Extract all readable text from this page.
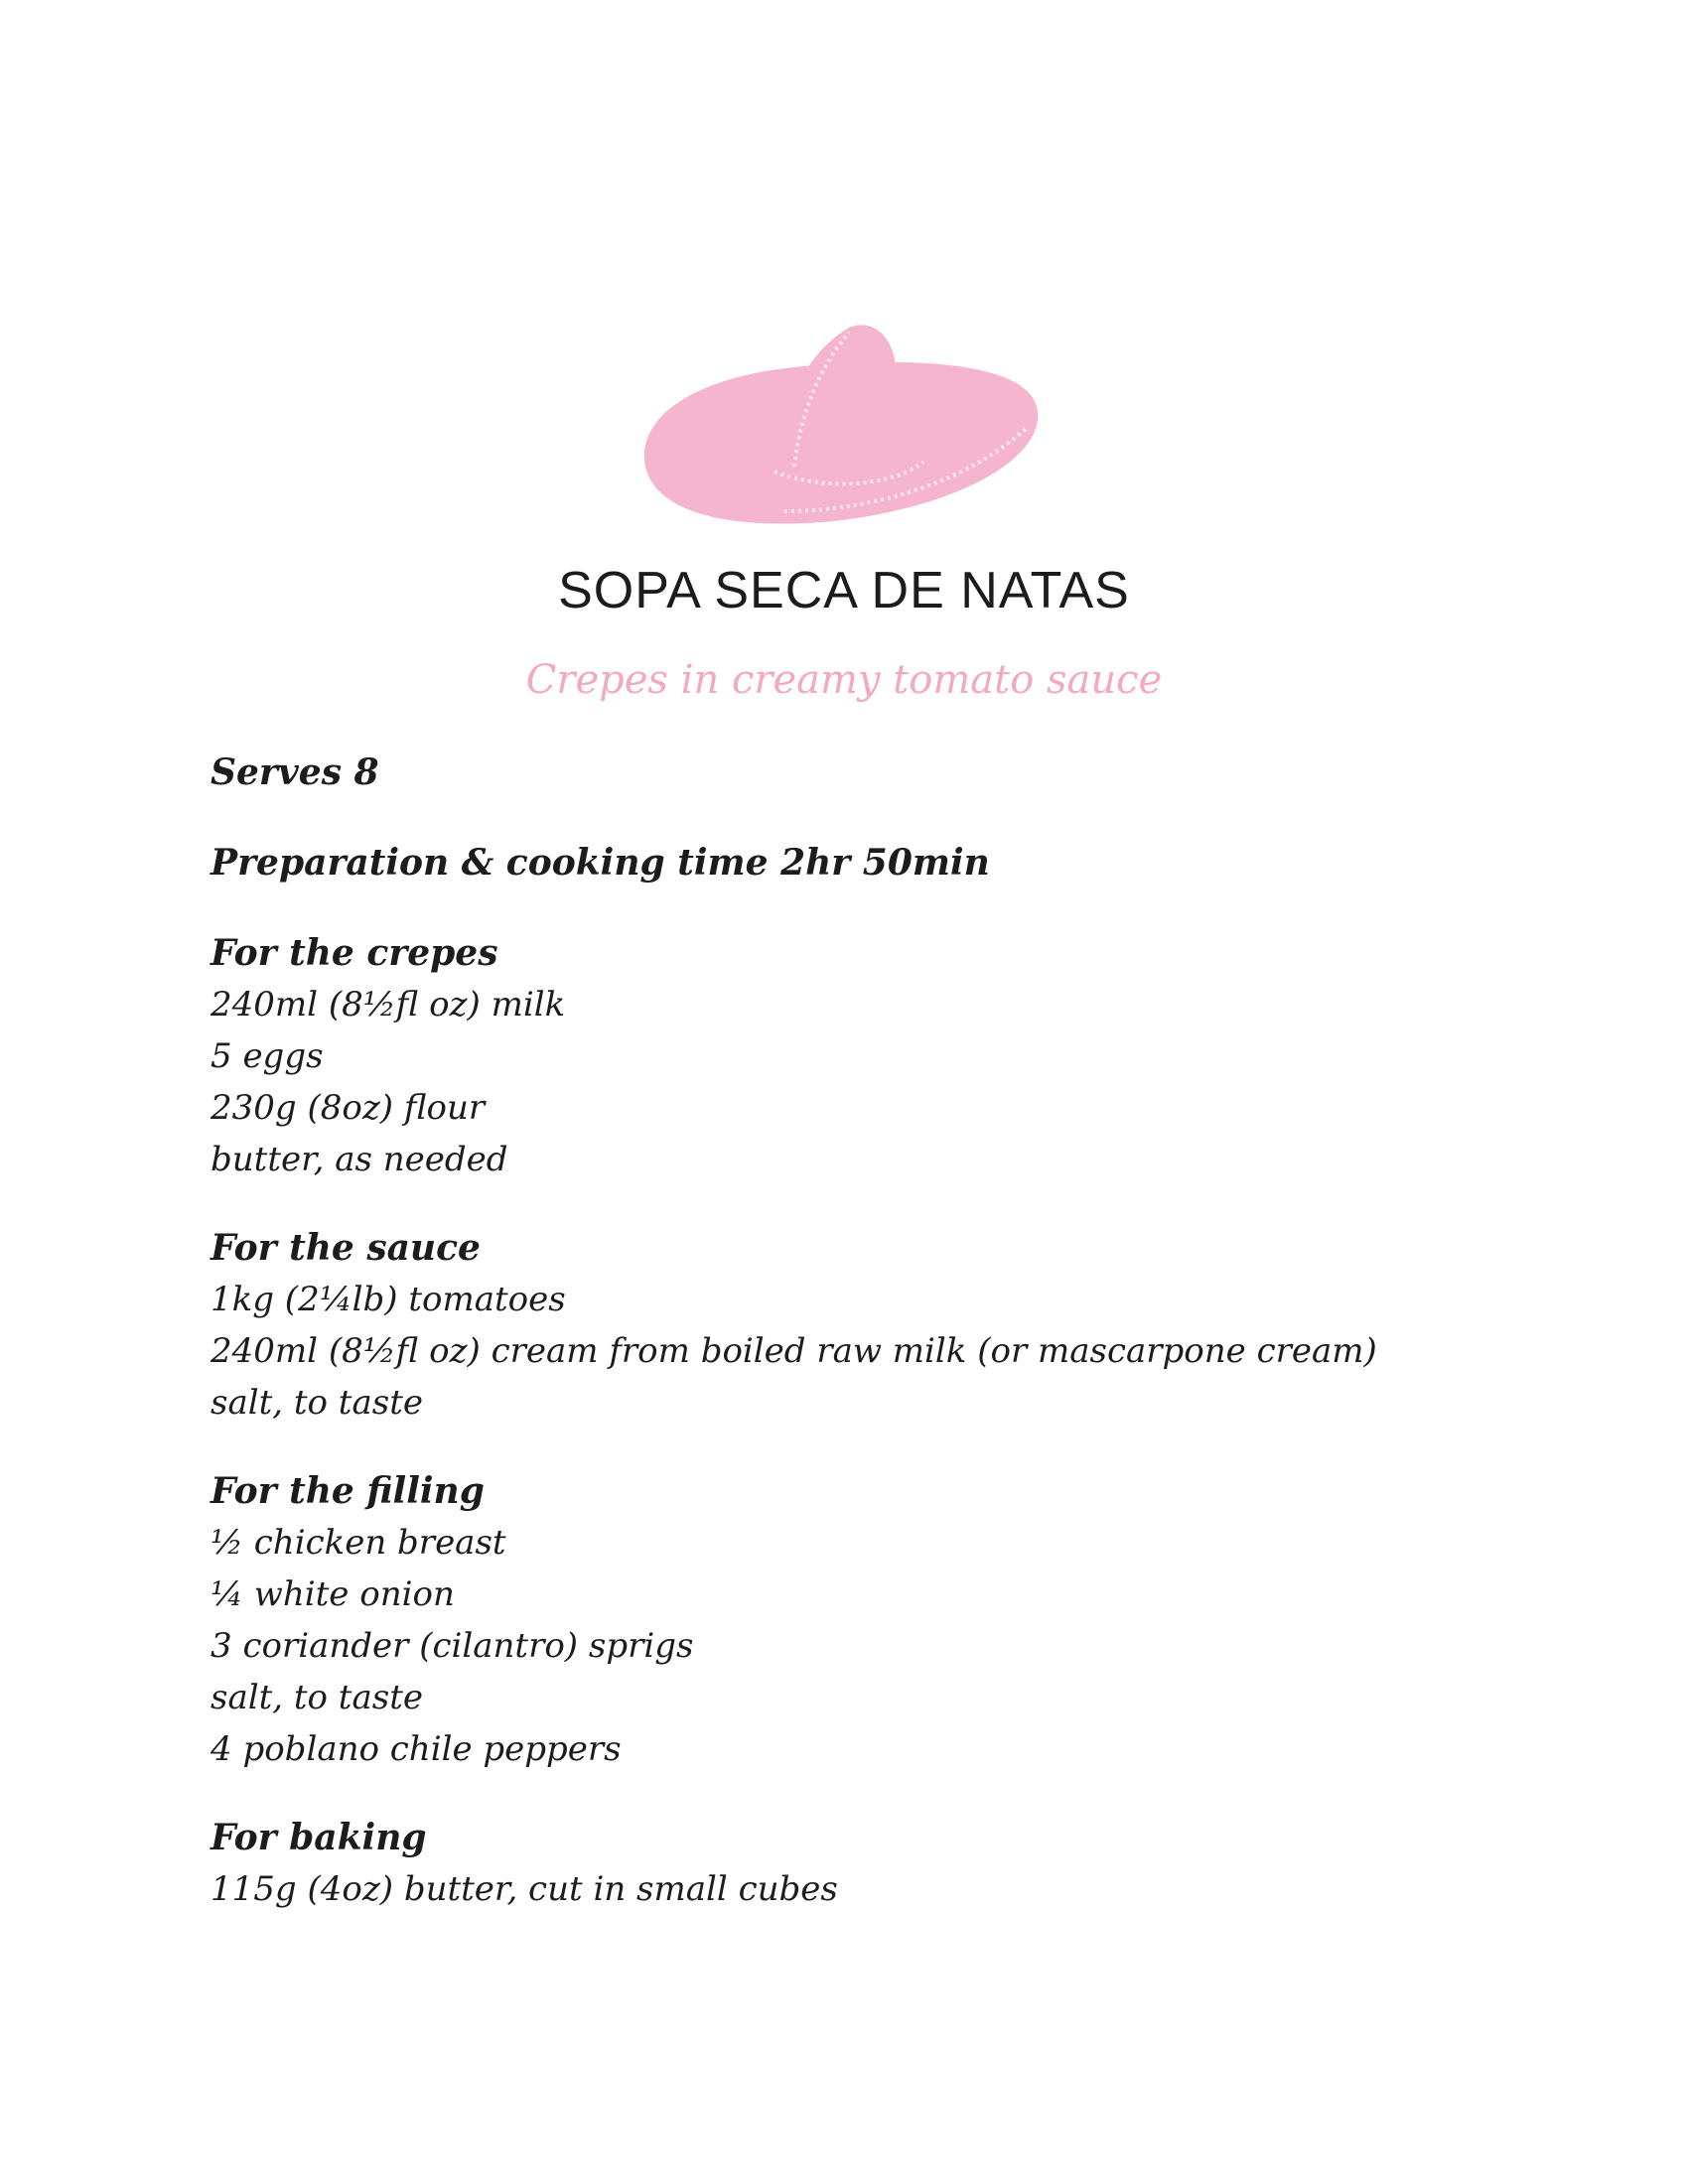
SOPA SECA DE NATAS
Crepes in creamy tomato sauce

Serves 8

Preparation & cooking time 2hr 50min

For the crepes
240ml (8½fl oz) milk
5 eggs
230g (8oz) flour
butter, as needed
For the sauce
1kg (2¼lb) tomatoes
240ml (8½fl oz) cream from boiled raw milk (or mascarpone cream)
salt, to taste
For the filling
½ chicken breast
¼ white onion
3 coriander (cilantro) sprigs
salt, to taste
4 poblano chile peppers
For baking
115g (4oz) butter, cut in small cubes
